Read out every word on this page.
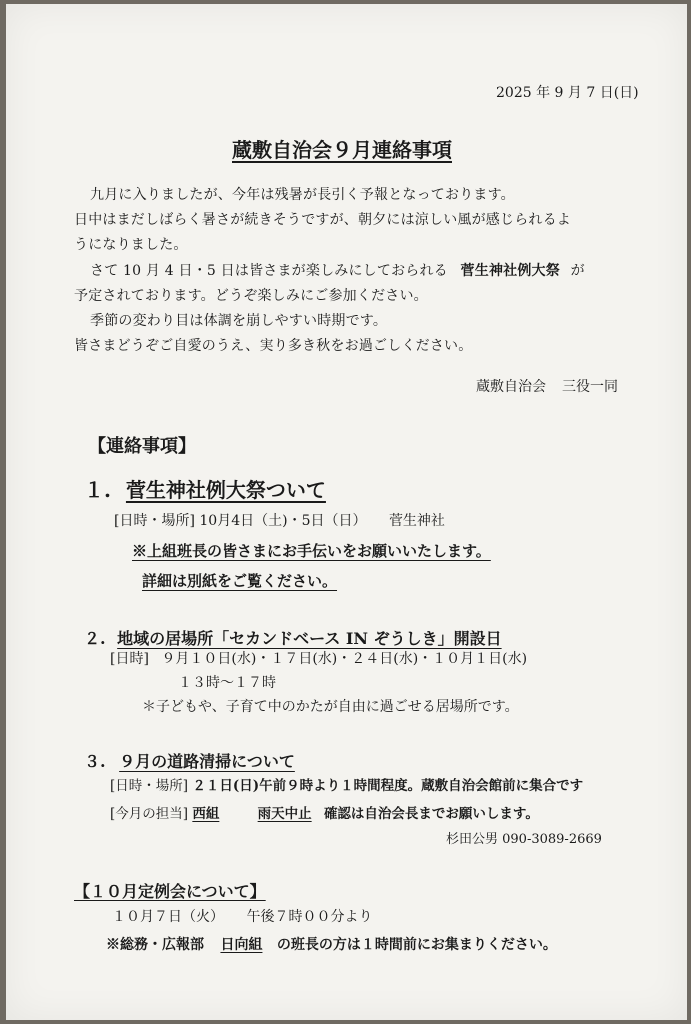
2025 年 9 月 7 日(日)
蔵敷自治会９月連絡事項
九月に入りましたが、今年は残暑が長引く予報となっております。
日中はまだしばらく暑さが続きそうですが、朝夕には涼しい風が感じられるよ
うになりました。
さて 10 月 4 日・5 日は皆さまが楽しみにしておられる 菅生神社例大祭 が
予定されております。どうぞ楽しみにご参加ください。
季節の変わり目は体調を崩しやすい時期です。
皆さまどうぞご自愛のうえ、実り多き秋をお過ごしください。
蔵敷自治会 三役一同
【連絡事項】
１. 菅生神社例大祭ついて
[日時・場所] 10月4日（土)・5日（日） 菅生神社
※上組班長の皆さまにお手伝いをお願いいたします。
詳細は別紙をご覧ください。
２. 地域の居場所「セカンドベース IN ぞうしき」開設日
[日時] ９月１０日(水)・１７日(水)・２４日(水)・１０月１日(水)
１３時～１７時
＊子どもや、子育て中のかたが自由に過ごせる居場所です。
３. ９月の道路清掃について
[日時・場所] ２１日(日)午前９時より１時間程度。蔵敷自治会館前に集合です
[今月の担当] 西組	雨天中止 確認は自治会長までお願いします。
杉田公男 090-3089-2669
【１０月定例会について】
１０月７日（火） 午後７時００分より
※総務・広報部 日向組 の班長の方は１時間前にお集まりください。
